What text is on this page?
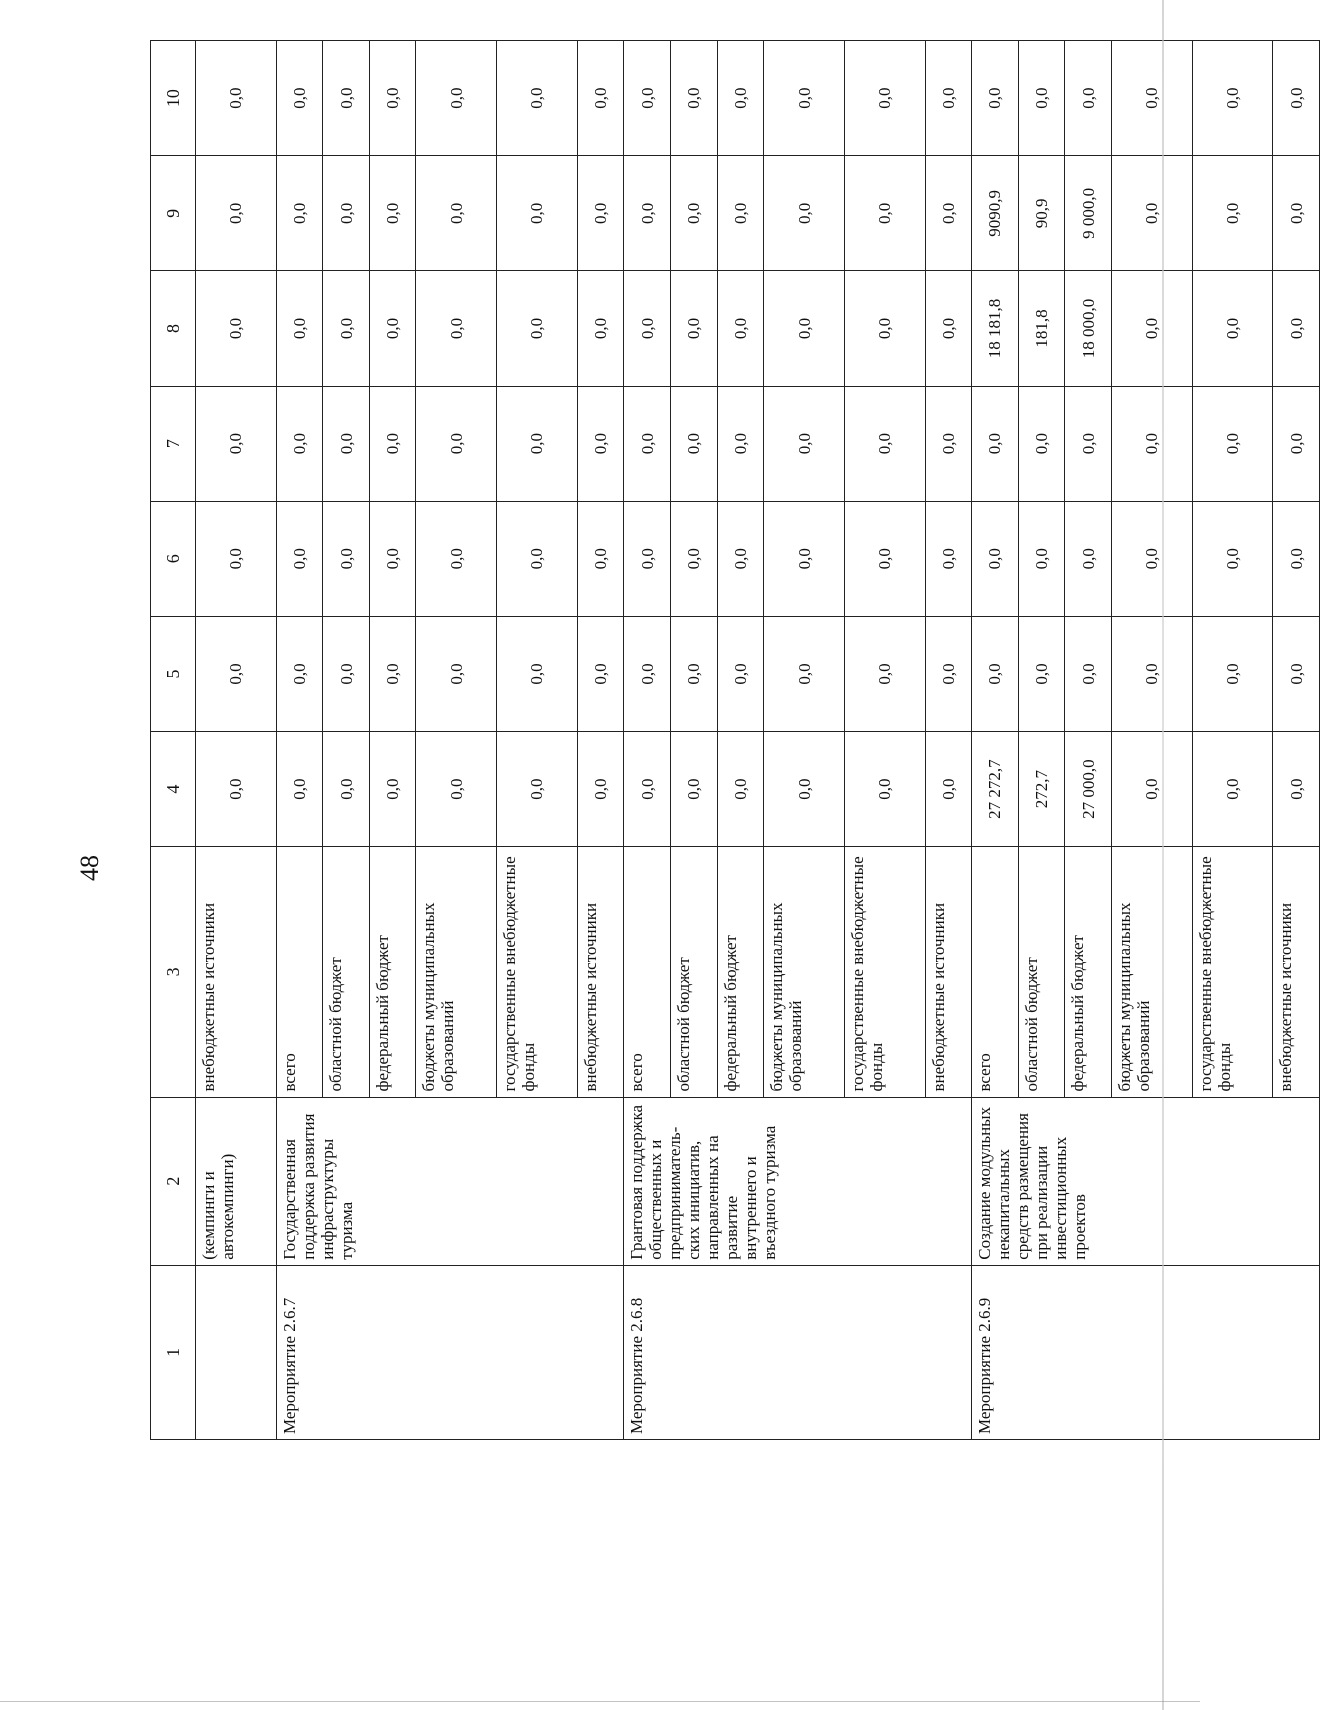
48
1	2	3	4	5	6	7	8	9	10
	(кемпинги и автокемпинги)	внебюджетные источники	0,0	0,0	0,0	0,0	0,0	0,0	0,0
Мероприятие 2.6.7	Государственная поддержка развития инфраструктуры туризма	всего	0,0	0,0	0,0	0,0	0,0	0,0	0,0
		областной бюджет	0,0	0,0	0,0	0,0	0,0	0,0	0,0
		федеральный бюджет	0,0	0,0	0,0	0,0	0,0	0,0	0,0
		бюджеты муниципальных образований	0,0	0,0	0,0	0,0	0,0	0,0	0,0
		государственные внебюджетные фонды	0,0	0,0	0,0	0,0	0,0	0,0	0,0
		внебюджетные источники	0,0	0,0	0,0	0,0	0,0	0,0	0,0
Мероприятие 2.6.8	Грантовая поддержка общественных и предприниматель-ских инициатив, направленных на развитие внутреннего и въездного туризма	всего	0,0	0,0	0,0	0,0	0,0	0,0	0,0
		областной бюджет	0,0	0,0	0,0	0,0	0,0	0,0	0,0
		федеральный бюджет	0,0	0,0	0,0	0,0	0,0	0,0	0,0
		бюджеты муниципальных образований	0,0	0,0	0,0	0,0	0,0	0,0	0,0
		государственные внебюджетные фонды	0,0	0,0	0,0	0,0	0,0	0,0	0,0
		внебюджетные источники	0,0	0,0	0,0	0,0	0,0	0,0	0,0
Мероприятие 2.6.9	Создание модульных некапитальных средств размещения при реализации инвестиционных проектов	всего	27 272,7	0,0	0,0	0,0	18 181,8	9090,9	0,0
		областной бюджет	272,7	0,0	0,0	0,0	181,8	90,9	0,0
		федеральный бюджет	27 000,0	0,0	0,0	0,0	18 000,0	9 000,0	0,0
		бюджеты муниципальных образований	0,0	0,0	0,0	0,0	0,0	0,0	0,0
		государственные внебюджетные фонды	0,0	0,0	0,0	0,0	0,0	0,0	0,0
		внебюджетные источники	0,0	0,0	0,0	0,0	0,0	0,0	0,0
